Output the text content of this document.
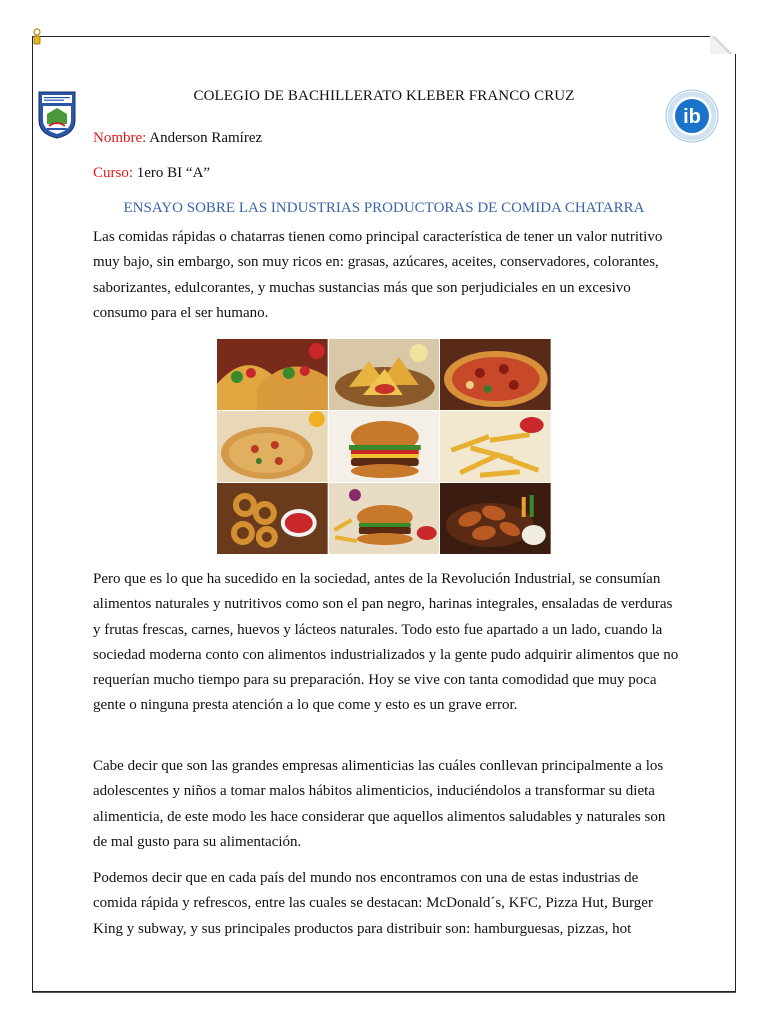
ib
COLEGIO DE BACHILLERATO KLEBER FRANCO CRUZ
Nombre: Anderson Ramírez
Curso: 1ero BI “A”
ENSAYO SOBRE LAS INDUSTRIAS PRODUCTORAS DE COMIDA CHATARRA

Las comidas rápidas o chatarras tienen como principal característica de tener un valor nutritivo muy bajo, sin embargo, son muy ricos en: grasas, azúcares, aceites, conservadores, colorantes, saborizantes, edulcorantes, y muchas sustancias más que son perjudiciales en un excesivo consumo para el ser humano.

Pero que es lo que ha sucedido en la sociedad, antes de la Revolución Industrial, se consumían alimentos naturales y nutritivos como son el pan negro, harinas integrales, ensaladas de verduras y frutas frescas, carnes, huevos y lácteos naturales. Todo esto fue apartado a un lado, cuando la sociedad moderna conto con alimentos industrializados y la gente pudo adquirir alimentos que no requerían mucho tiempo para su preparación. Hoy se vive con tanta comodidad que muy poca gente o ninguna presta atención a lo que come y esto es un grave error.

Cabe decir que son las grandes empresas alimenticias las cuáles conllevan principalmente a los adolescentes y niños a tomar malos hábitos alimenticios, induciéndolos a transformar su dieta alimenticia, de este modo les hace considerar que aquellos alimentos saludables y naturales son de mal gusto para su alimentación.

Podemos decir que en cada país del mundo nos encontramos con una de estas industrias de comida rápida y refrescos, entre las cuales se destacan: McDonald´s, KFC, Pizza Hut, Burger King y subway, y sus principales productos para distribuir son: hamburguesas, pizzas, hot
